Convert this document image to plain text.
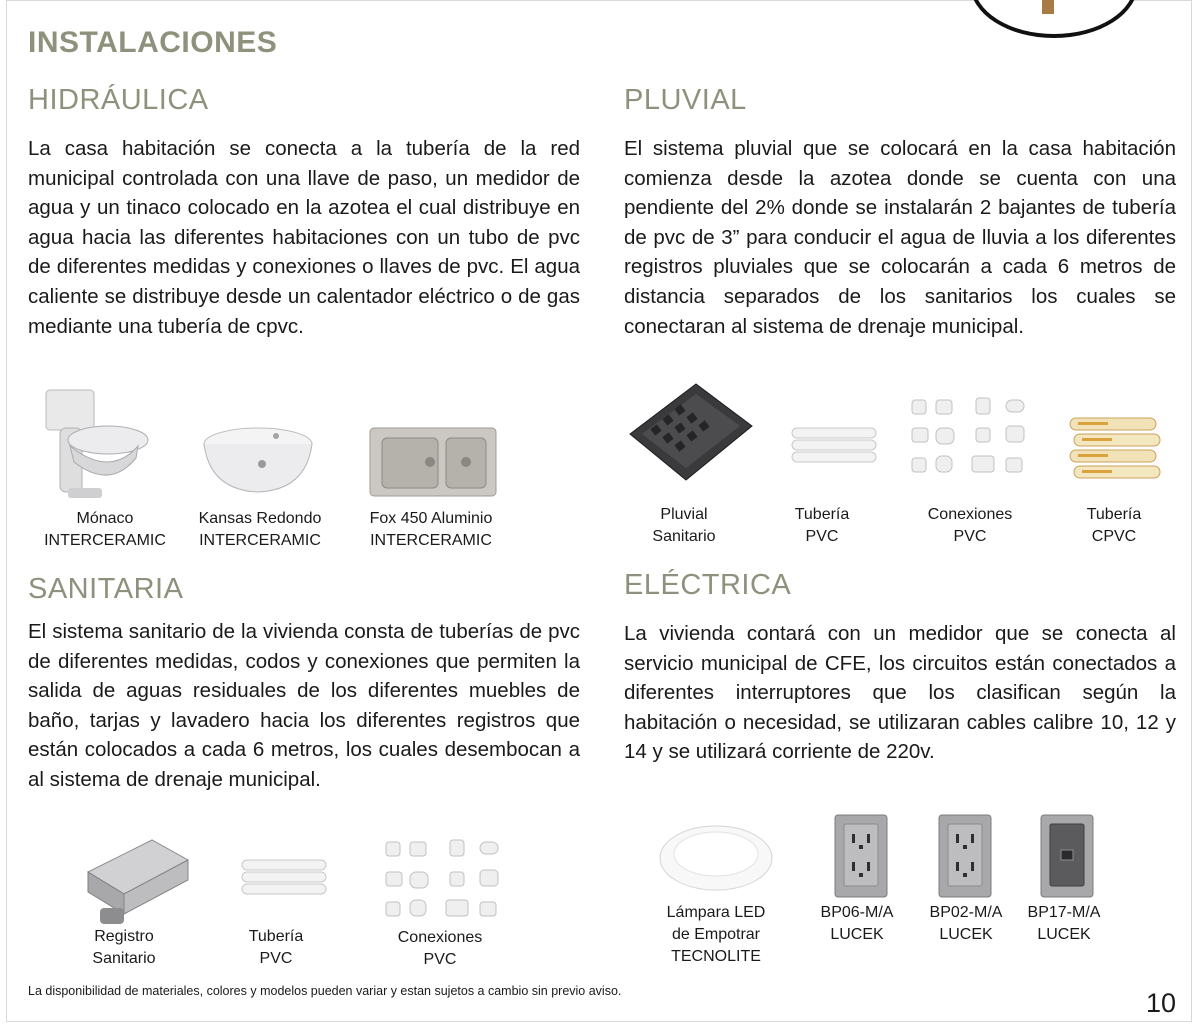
INSTALACIONES
HIDRÁULICA
La casa habitación se conecta a la tubería de la red municipal controlada con una llave de paso, un medidor de agua y un tinaco colocado en la azotea el cual distribuye en agua hacia las diferentes habitaciones con un tubo de pvc de diferentes medidas y conexiones o llaves de pvc. El agua caliente se distribuye desde un calentador eléctrico o de gas mediante una tubería de cpvc.
Mónaco
INTERCERAMIC
Kansas Redondo
INTERCERAMIC
Fox 450 Aluminio
INTERCERAMIC
PLUVIAL
El sistema pluvial que se colocará en la casa habitación comienza desde la azotea donde se cuenta con una pendiente del 2% donde se instalarán 2 bajantes de tubería de pvc de 3” para conducir el agua de lluvia a los diferentes registros pluviales que se colocarán a cada 6 metros de distancia separados de los sanitarios los cuales se conectaran al sistema de drenaje municipal.
Pluvial
Sanitario
Tubería
PVC
Conexiones
PVC
Tubería
CPVC
SANITARIA
El sistema sanitario de la vivienda consta de tuberías de pvc de diferentes medidas, codos y conexiones que permiten la salida de aguas residuales de los diferentes muebles de baño, tarjas y lavadero hacia los diferentes registros que están colocados a cada 6 metros, los cuales desembocan a al sistema de drenaje municipal.
Registro
Sanitario
Tubería
PVC
Conexiones
PVC
ELÉCTRICA
La vivienda contará con un medidor que se conecta al servicio municipal de CFE, los circuitos están conectados a diferentes interruptores que los clasifican según la habitación o necesidad, se utilizaran cables calibre 10, 12 y 14 y se utilizará corriente de 220v.
Lámpara LED
de Empotrar
TECNOLITE
BP06-M/A
LUCEK
BP02-M/A
LUCEK
BP17-M/A
LUCEK
La disponibilidad de materiales, colores y modelos pueden variar y estan sujetos a cambio sin previo aviso.	10
